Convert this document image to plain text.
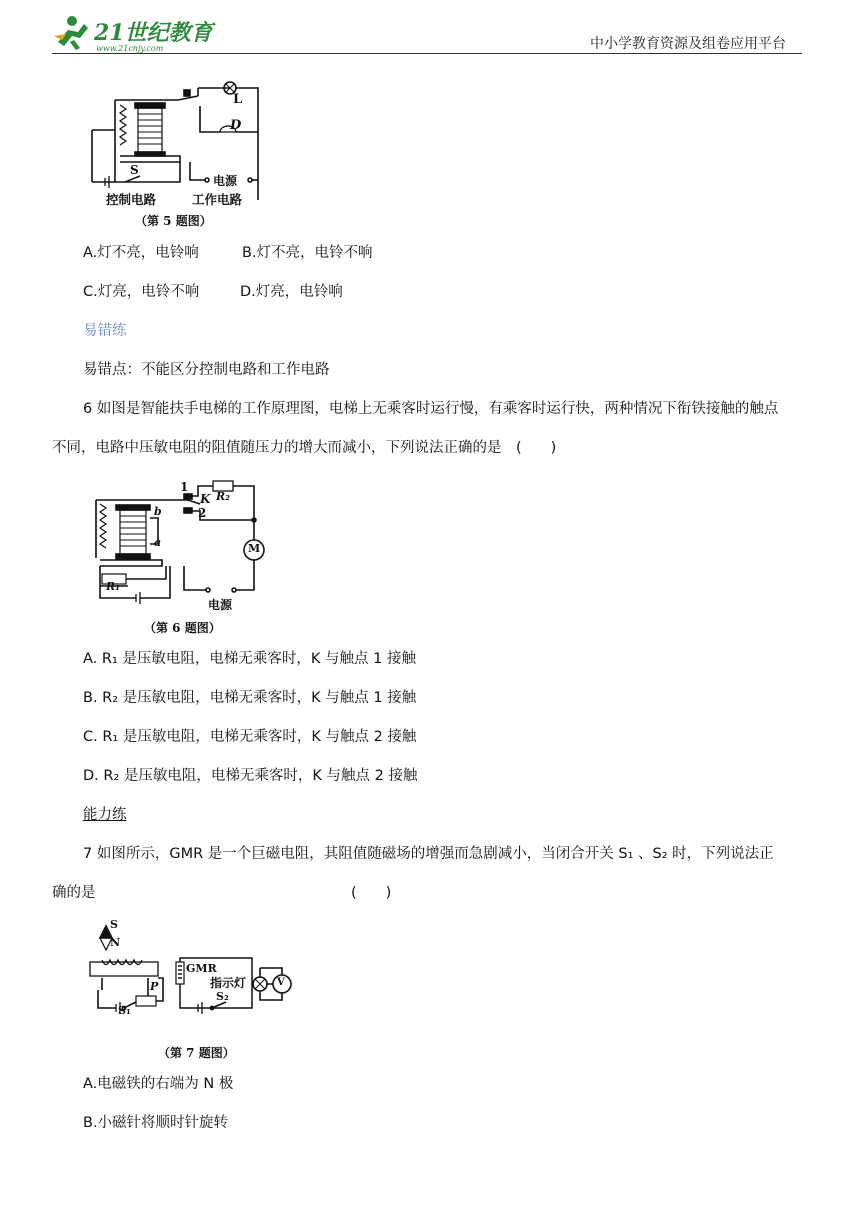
21世纪教育
www.21cnjy.com	中小学教育资源及组卷应用平台
L
D
S
电源
控制电路	工作电路
（第 5 题图）
A.灯不亮，电铃响	B.灯不亮，电铃不响
C.灯亮，电铃不响	D.灯亮，电铃响
易错练
易错点：不能区分控制电路和工作电路
6 如图是智能扶手电梯的工作原理图，电梯上无乘客时运行慢，有乘客时运行快，两种情况下衔铁接触的触点
不同，电路中压敏电阻的阻值随压力的增大而减小，下列说法正确的是　(　　)
1
K
2
R₂
b
a	M
R₁
电源
（第 6 题图）
A. R₁ 是压敏电阻，电梯无乘客时，K 与触点 1 接触
B. R₂ 是压敏电阻，电梯无乘客时，K 与触点 1 接触
C. R₁ 是压敏电阻，电梯无乘客时，K 与触点 2 接触
D. R₂ 是压敏电阻，电梯无乘客时，K 与触点 2 接触
能力练
7 如图所示，GMR 是一个巨磁电阻，其阻值随磁场的增强而急剧减小，当闭合开关 S₁ 、S₂ 时，下列说法正
确的是	(　　)
S
N
P
S₁
GMR
指示灯	V
S₂
（第 7 题图）
A.电磁铁的右端为 N 极
B.小磁针将顺时针旋转
